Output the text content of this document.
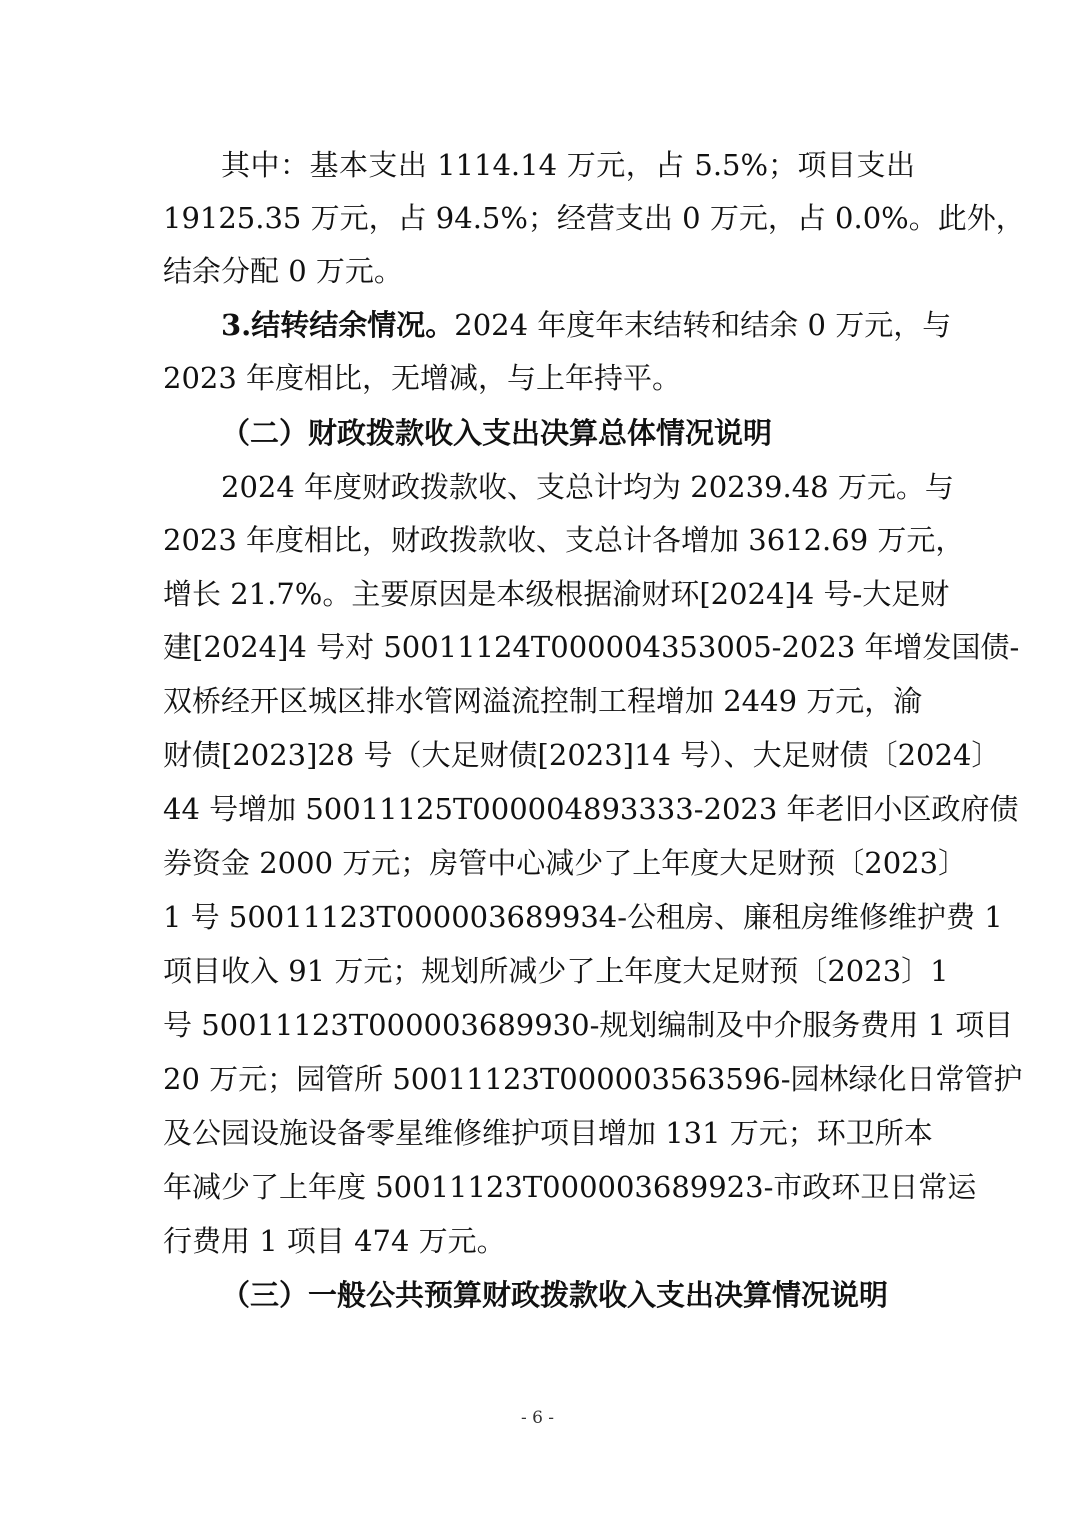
其中：基本支出 1114.14 万元，占 5.5%；项目支出
19125.35 万元，占 94.5%；经营支出 0 万元，占 0.0%。此外，
结余分配 0 万元。
3.结转结余情况。2024 年度年末结转和结余 0 万元，与
2023 年度相比，无增减，与上年持平。
（二）财政拨款收入支出决算总体情况说明
2024 年度财政拨款收、支总计均为 20239.48 万元。与
2023 年度相比，财政拨款收、支总计各增加 3612.69 万元，
增长 21.7%。主要原因是本级根据渝财环[2024]4 号-大足财
建[2024]4 号对 50011124T000004353005-2023 年增发国债-
双桥经开区城区排水管网溢流控制工程增加 2449 万元，渝
财债[2023]28 号（大足财债[2023]14 号）、大足财债〔2024〕
44 号增加 50011125T000004893333-2023 年老旧小区政府债
券资金 2000 万元；房管中心减少了上年度大足财预〔2023〕
1 号 50011123T000003689934-公租房、廉租房维修维护费 1
项目收入 91 万元；规划所减少了上年度大足财预〔2023〕1
号 50011123T000003689930-规划编制及中介服务费用 1 项目
20 万元；园管所 50011123T000003563596-园林绿化日常管护
及公园设施设备零星维修维护项目增加 131 万元；环卫所本
年减少了上年度 50011123T000003689923-市政环卫日常运
行费用 1 项目 474 万元。
（三）一般公共预算财政拨款收入支出决算情况说明
- 6 -
